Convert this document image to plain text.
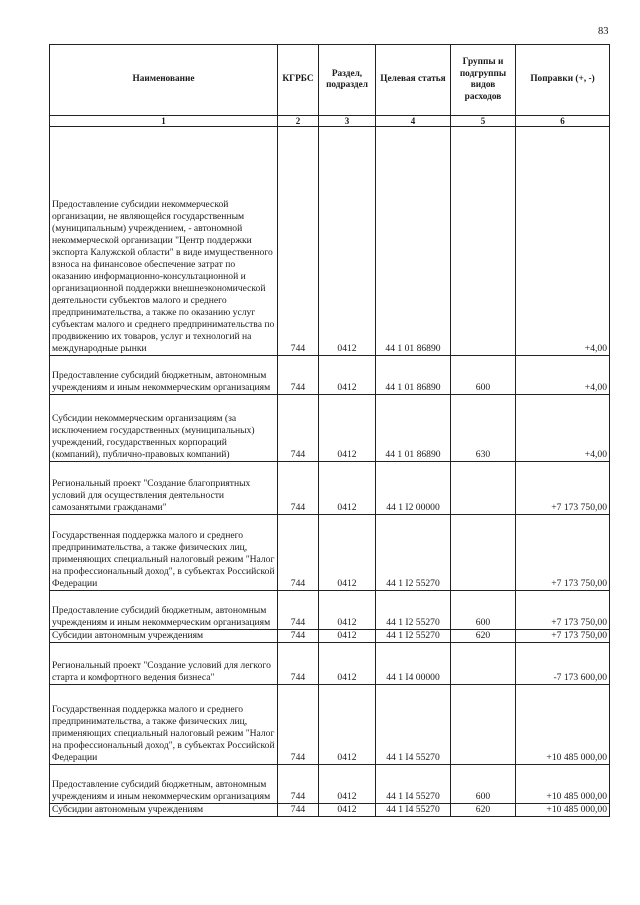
83
Наименование	КГРБС	Раздел, подраздел	Целевая статья	Группы и подгруппы видов расходов	Поправки (+, -)
1	2	3	4	5	6
Предоставление субсидии некоммерческой организации, не являющейся государственным (муниципальным) учреждением, - автономной некоммерческой организации "Центр поддержки экспорта Калужской области" в виде имущественного взноса на финансовое обеспечение затрат по оказанию информационно-консультационной и организационной поддержки внешнеэкономической деятельности субъектов малого и среднего предпринимательства, а также по оказанию услуг субъектам малого и среднего предпринимательства по продвижению их товаров, услуг и технологий на международные рынки	744	0412	44 1 01 86890		+4,00
Предоставление субсидий бюджетным, автономным учреждениям и иным некоммерческим организациям	744	0412	44 1 01 86890	600	+4,00
Субсидии некоммерческим организациям (за исключением государственных (муниципальных) учреждений, государственных корпораций (компаний), публично-правовых компаний)	744	0412	44 1 01 86890	630	+4,00
Региональный проект "Создание благоприятных условий для осуществления деятельности самозанятыми гражданами"	744	0412	44 1 I2 00000		+7 173 750,00
Государственная поддержка малого и среднего предпринимательства, а также физических лиц, применяющих специальный налоговый режим "Налог на профессиональный доход", в субъектах Российской Федерации	744	0412	44 1 I2 55270		+7 173 750,00
Предоставление субсидий бюджетным, автономным учреждениям и иным некоммерческим организациям	744	0412	44 1 I2 55270	600	+7 173 750,00
Субсидии автономным учреждениям	744	0412	44 1 I2 55270	620	+7 173 750,00
Региональный проект "Создание условий для легкого старта и комфортного ведения бизнеса"	744	0412	44 1 I4 00000		-7 173 600,00
Государственная поддержка малого и среднего предпринимательства, а также физических лиц, применяющих специальный налоговый режим "Налог на профессиональный доход", в субъектах Российской Федерации	744	0412	44 1 I4 55270		+10 485 000,00
Предоставление субсидий бюджетным, автономным учреждениям и иным некоммерческим организациям	744	0412	44 1 I4 55270	600	+10 485 000,00
Субсидии автономным учреждениям	744	0412	44 1 I4 55270	620	+10 485 000,00
